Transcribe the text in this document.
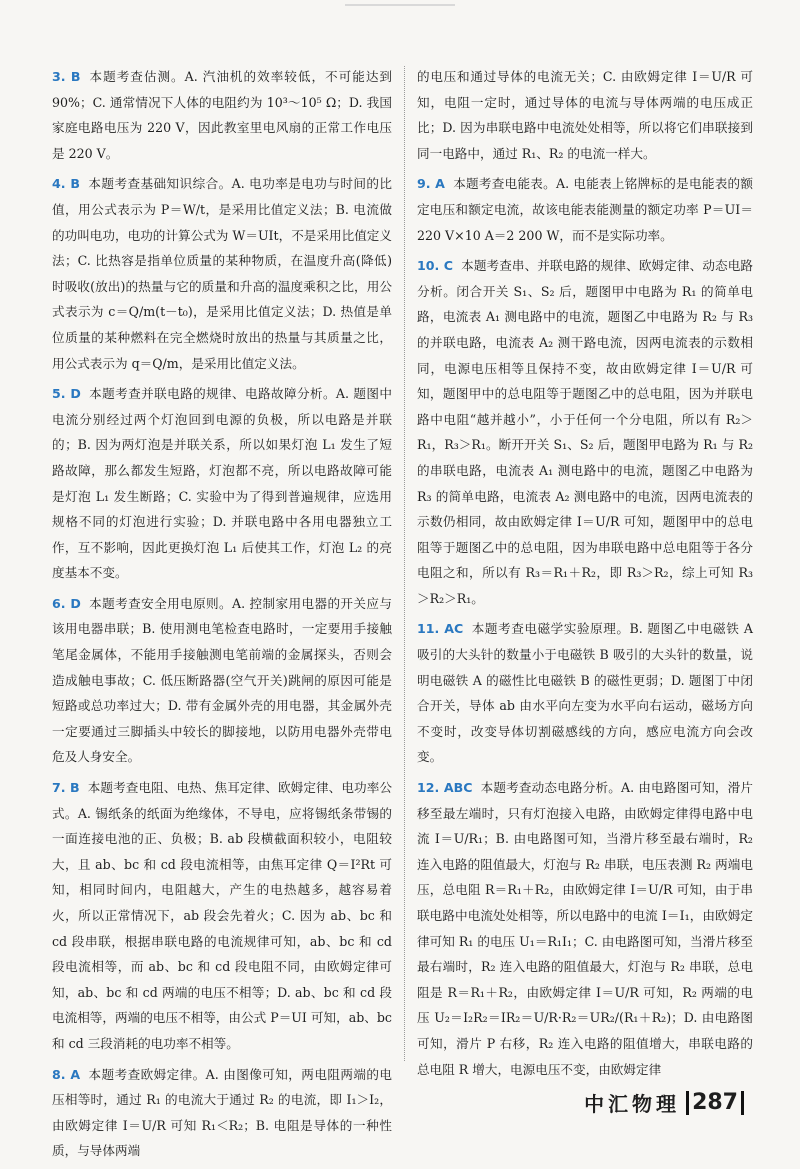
3. B 本题考查估测。A. 汽油机的效率较低，不可能达到 90%；C. 通常情况下人体的电阻约为 10³～10⁵ Ω；D. 我国家庭电路电压为 220 V，因此教室里电风扇的正常工作电压是 220 V。

4. B 本题考查基础知识综合。A. 电功率是电功与时间的比值，用公式表示为 P＝W/t，是采用比值定义法；B. 电流做的功叫电功，电功的计算公式为 W＝UIt，不是采用比值定义法；C. 比热容是指单位质量的某种物质，在温度升高(降低)时吸收(放出)的热量与它的质量和升高的温度乘积之比，用公式表示为 c＝Q/m(t－t₀)，是采用比值定义法；D. 热值是单位质量的某种燃料在完全燃烧时放出的热量与其质量之比，用公式表示为 q＝Q/m，是采用比值定义法。

5. D 本题考查并联电路的规律、电路故障分析。A. 题图中电流分别经过两个灯泡回到电源的负极，所以电路是并联的；B. 因为两灯泡是并联关系，所以如果灯泡 L₁ 发生了短路故障，那么都发生短路，灯泡都不亮，所以电路故障可能是灯泡 L₁ 发生断路；C. 实验中为了得到普遍规律，应选用规格不同的灯泡进行实验；D. 并联电路中各用电器独立工作，互不影响，因此更换灯泡 L₁ 后使其工作，灯泡 L₂ 的亮度基本不变。

6. D 本题考查安全用电原则。A. 控制家用电器的开关应与该用电器串联；B. 使用测电笔检查电路时，一定要用手接触笔尾金属体，不能用手接触测电笔前端的金属探头，否则会造成触电事故；C. 低压断路器(空气开关)跳闸的原因可能是短路或总功率过大；D. 带有金属外壳的用电器，其金属外壳一定要通过三脚插头中较长的脚接地，以防用电器外壳带电危及人身安全。

7. B 本题考查电阻、电热、焦耳定律、欧姆定律、电功率公式。A. 锡纸条的纸面为绝缘体，不导电，应将锡纸条带锡的一面连接电池的正、负极；B. ab 段横截面积较小，电阻较大，且 ab、bc 和 cd 段电流相等，由焦耳定律 Q＝I²Rt 可知，相同时间内，电阻越大，产生的电热越多，越容易着火，所以正常情况下，ab 段会先着火；C. 因为 ab、bc 和 cd 段串联，根据串联电路的电流规律可知，ab、bc 和 cd 段电流相等，而 ab、bc 和 cd 段电阻不同，由欧姆定律可知，ab、bc 和 cd 两端的电压不相等；D. ab、bc 和 cd 段电流相等，两端的电压不相等，由公式 P＝UI 可知，ab、bc 和 cd 三段消耗的电功率不相等。

8. A 本题考查欧姆定律。A. 由图像可知，两电阻两端的电压相等时，通过 R₁ 的电流大于通过 R₂ 的电流，即 I₁＞I₂，由欧姆定律 I＝U/R 可知 R₁＜R₂；B. 电阻是导体的一种性质，与导体两端

的电压和通过导体的电流无关；C. 由欧姆定律 I＝U/R 可知，电阻一定时，通过导体的电流与导体两端的电压成正比；D. 因为串联电路中电流处处相等，所以将它们串联接到同一电路中，通过 R₁、R₂ 的电流一样大。

9. A 本题考查电能表。A. 电能表上铭牌标的是电能表的额定电压和额定电流，故该电能表能测量的额定功率 P＝UI＝220 V×10 A＝2 200 W，而不是实际功率。

10. C 本题考查串、并联电路的规律、欧姆定律、动态电路分析。闭合开关 S₁、S₂ 后，题图甲中电路为 R₁ 的简单电路，电流表 A₁ 测电路中的电流，题图乙中电路为 R₂ 与 R₃ 的并联电路，电流表 A₂ 测干路电流，因两电流表的示数相同，电源电压相等且保持不变，故由欧姆定律 I＝U/R 可知，题图甲中的总电阻等于题图乙中的总电阻，因为并联电路中电阻“越并越小”，小于任何一个分电阻，所以有 R₂＞R₁，R₃＞R₁。断开开关 S₁、S₂ 后，题图甲电路为 R₁ 与 R₂ 的串联电路，电流表 A₁ 测电路中的电流，题图乙中电路为 R₃ 的简单电路，电流表 A₂ 测电路中的电流，因两电流表的示数仍相同，故由欧姆定律 I＝U/R 可知，题图甲中的总电阻等于题图乙中的总电阻，因为串联电路中总电阻等于各分电阻之和，所以有 R₃＝R₁＋R₂，即 R₃＞R₂，综上可知 R₃＞R₂＞R₁。

11. AC 本题考查电磁学实验原理。B. 题图乙中电磁铁 A 吸引的大头针的数量小于电磁铁 B 吸引的大头针的数量，说明电磁铁 A 的磁性比电磁铁 B 的磁性更弱；D. 题图丁中闭合开关，导体 ab 由水平向左变为水平向右运动，磁场方向不变时，改变导体切割磁感线的方向，感应电流方向会改变。

12. ABC 本题考查动态电路分析。A. 由电路图可知，滑片移至最左端时，只有灯泡接入电路，由欧姆定律得电路中电流 I＝U/R₁；B. 由电路图可知，当滑片移至最右端时，R₂ 连入电路的阻值最大，灯泡与 R₂ 串联，电压表测 R₂ 两端电压，总电阻 R＝R₁＋R₂，由欧姆定律 I＝U/R 可知，由于串联电路中电流处处相等，所以电路中的电流 I＝I₁，由欧姆定律可知 R₁ 的电压 U₁＝R₁I₁；C. 由电路图可知，当滑片移至最右端时，R₂ 连入电路的阻值最大，灯泡与 R₂ 串联，总电阻是 R＝R₁＋R₂，由欧姆定律 I＝U/R 可知，R₂ 两端的电压 U₂＝I₂R₂＝IR₂＝U/R·R₂＝UR₂/(R₁＋R₂)；D. 由电路图可知，滑片 P 右移，R₂ 连入电路的阻值增大，串联电路的总电阻 R 增大，电源电压不变，由欧姆定律

中汇物理 287
